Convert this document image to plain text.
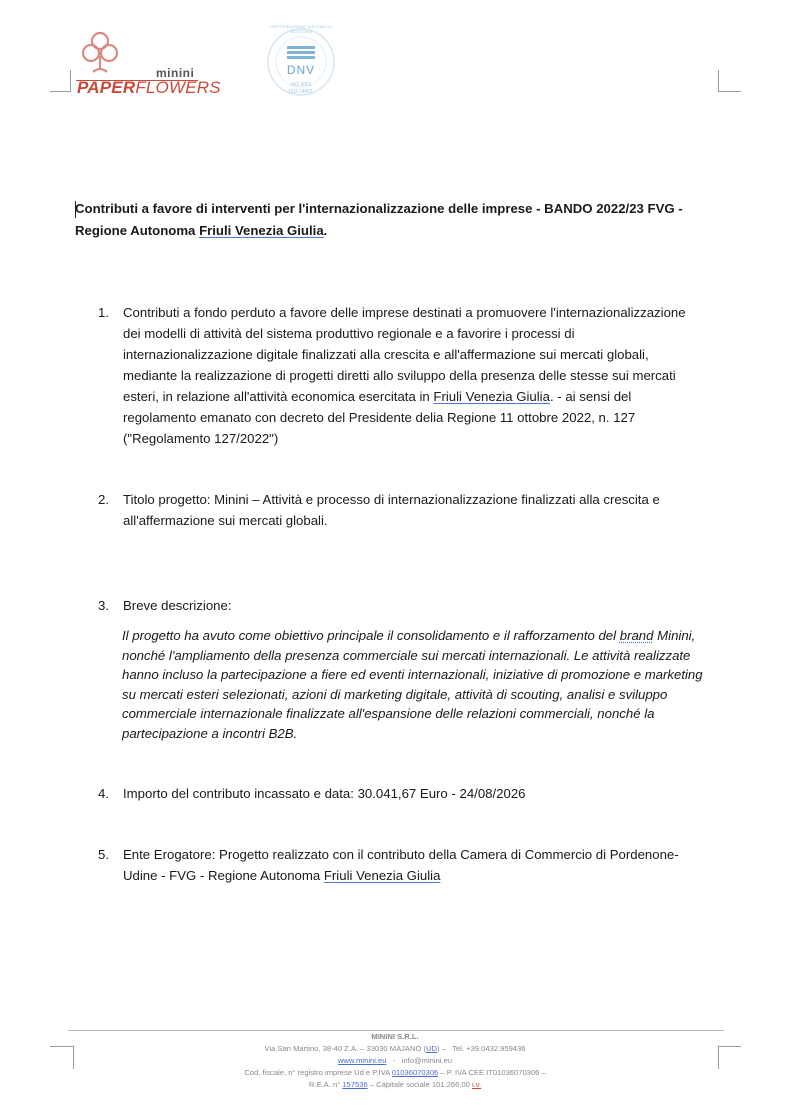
minini
PAPERFLOWERS
CERTIFICAZIONE SISTEMA DI GESTIONE
DNV
ISO 9001
ISO 14001
Contributi a favore di interventi per l'internazionalizzazione delle imprese - BANDO 2022/23 FVG -
Regione Autonoma Friuli Venezia Giulia.
1.	Contributi a fondo perduto a favore delle imprese destinati a promuovere l'internazionalizzazione
dei modelli di attività del sistema produttivo regionale e a favorire i processi di
internazionalizzazione digitale finalizzati alla crescita e all'affermazione sui mercati globali,
mediante la realizzazione di progetti diretti allo sviluppo della presenza delle stesse sui mercati
esteri, in relazione all'attività economica esercitata in Friuli Venezia Giulia. - ai sensi del
regolamento emanato con decreto del Presidente delia Regione 11 ottobre 2022, n. 127
("Regolamento 127/2022")
2.	Titolo progetto: Minini – Attività e processo di internazionalizzazione finalizzati alla crescita e
all'affermazione sui mercati globali.
3.	Breve descrizione:
Il progetto ha avuto come obiettivo principale il consolidamento e il rafforzamento del brand Minini,
nonché l'ampliamento della presenza commerciale sui mercati internazionali. Le attività realizzate
hanno incluso la partecipazione a fiere ed eventi internazionali, iniziative di promozione e marketing
su mercati esteri selezionati, azioni di marketing digitale, attività di scouting, analisi e sviluppo
commerciale internazionale finalizzate all'espansione delle relazioni commerciali, nonché la
partecipazione a incontri B2B.
4.	Importo del contributo incassato e data: 30.041,67 Euro - 24/08/2026
5.	Ente Erogatore: Progetto realizzato con il contributo della Camera di Commercio di Pordenone-
Udine - FVG - Regione Autonoma Friuli Venezia Giulia
MININI S.R.L.
Via San Martino, 38-40 Z.A. – 33030 MAJANO (UD) – Tel. +39.0432.959436
www.minini.eu - info@minini.eu
Cod. fiscale, n° registro imprese Ud e P.IVA 01036070306 – P. IVA CEE IT01036070306 –
R.E.A. n° 157536 – Capitale sociale 101.266,00 i.v.
